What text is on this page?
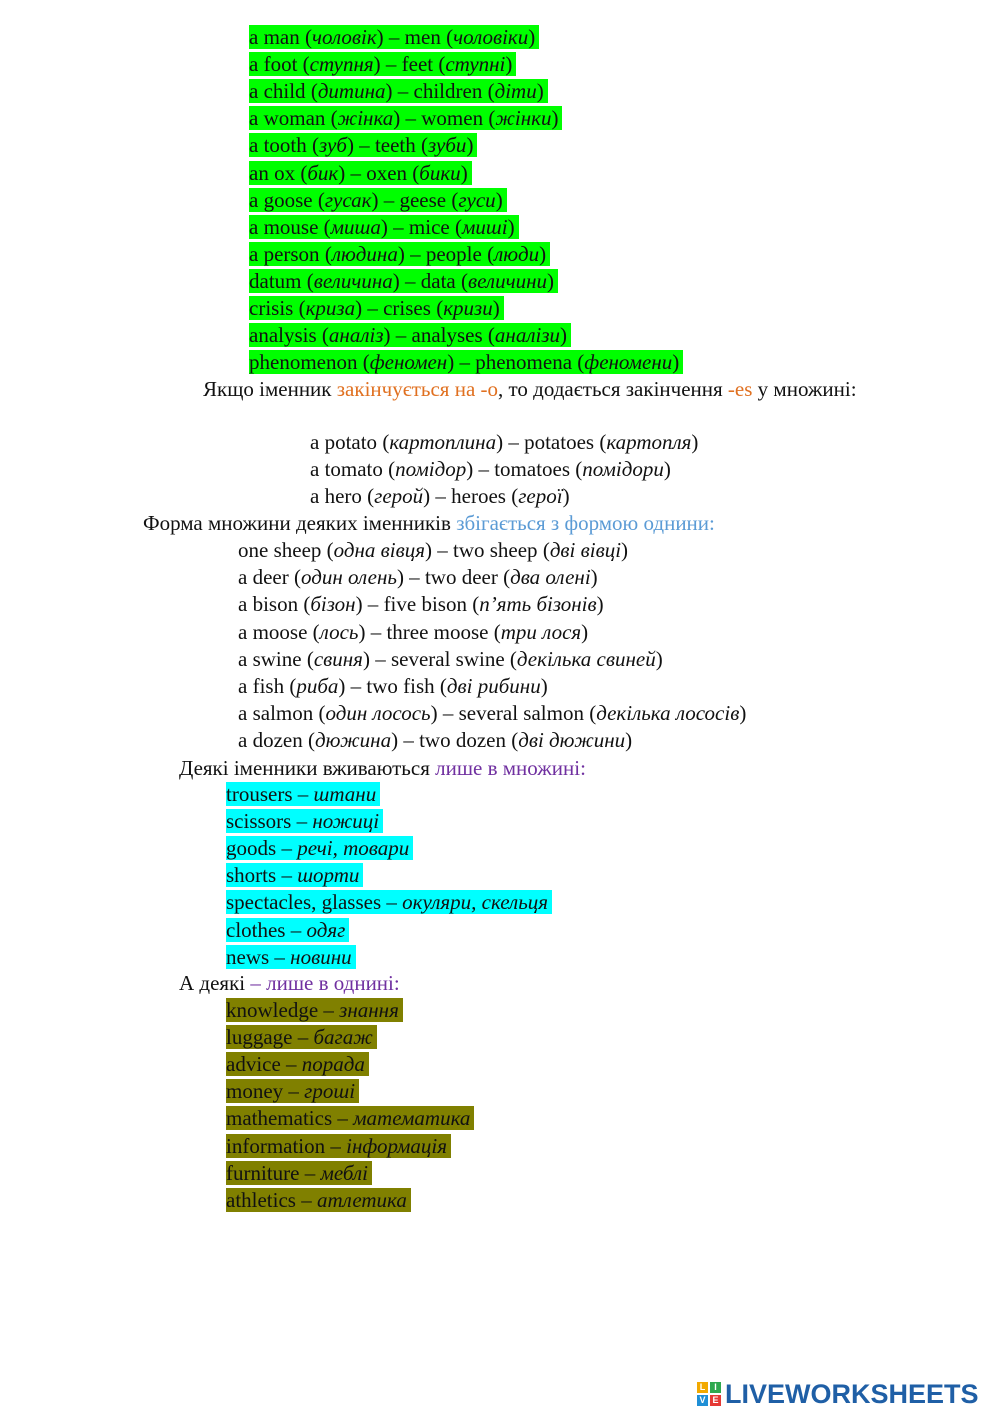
a man (чоловік) – men (чоловіки)
a foot (ступня) – feet (ступні)
a child (дитина) – children (діти)
a woman (жінка) – women (жінки)
a tooth (зуб) – teeth (зуби)
an ox (бик) – oxen (бики)
a goose (гусак) – geese (гуси)
a mouse (миша) – mice (миші)
a person (людина) – people (люди)
datum (величина) – data (величини)
crisis (криза) – crises (кризи)
analysis (аналіз) – analyses (аналізи)
phenomenon (феномен) – phenomena (феномени)
Якщо іменник закінчується на -о, то додається закінчення -es у множині:
a potato (картоплина) – potatoes (картопля)
a tomato (помідор) – tomatoes (помідори)
a hero (герой) – heroes (герої)
Форма множини деяких іменників збігається з формою однини:
one sheep (одна вівця) – two sheep (дві вівці)
a deer (один олень) – two deer (два олені)
a bison (бізон) – five bison (п’ять бізонів)
a moose (лось) – three moose (три лося)
a swine (свиня) – several swine (декілька свиней)
a fish (риба) – two fish (дві рибини)
a salmon (один лосось) – several salmon (декілька лососів)
a dozen (дюжина) – two dozen (дві дюжини)
Деякі іменники вживаються лише в множині:
trousers – штани
scissors – ножиці
goods – речі, товари
shorts – шорти
spectacles, glasses – окуляри, скельця
clothes – одяг
news – новини
А деякі – лише в однині:
knowledge – знання
luggage – багаж
advice – порада
money – гроші
mathematics – математика
information – інформація
furniture – меблі
athletics – атлетика
L I
V E LIVEWORKSHEETS
